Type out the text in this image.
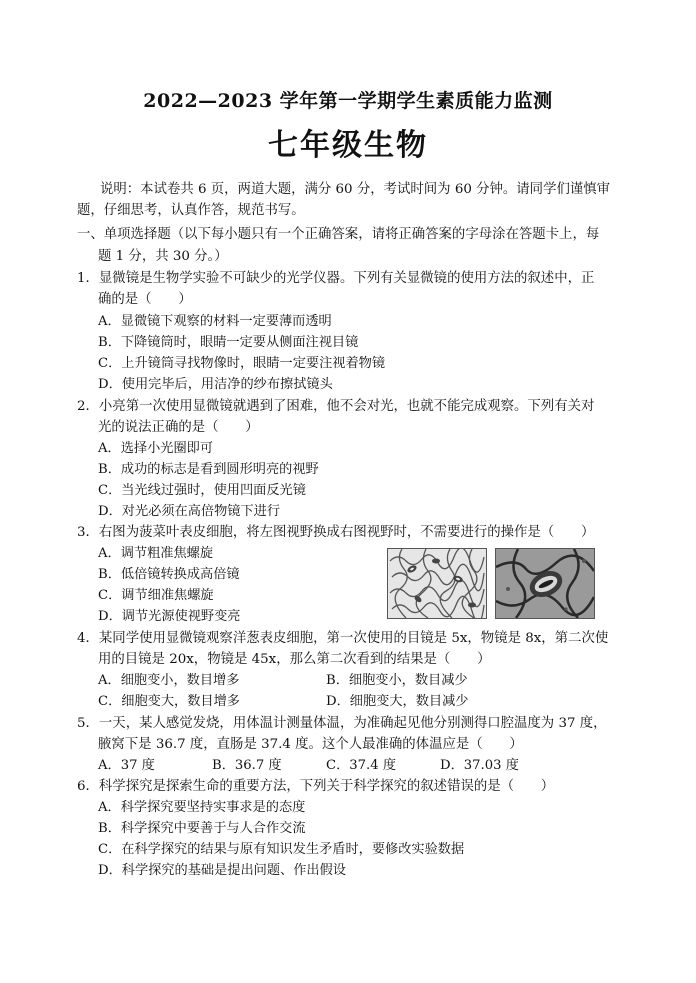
2022—2023 学年第一学期学生素质能力监测
七年级生物
说明：本试卷共 6 页，两道大题，满分 60 分，考试时间为 60 分钟。请同学们谨慎审
题，仔细思考，认真作答，规范书写。
一、单项选择题（以下每小题只有一个正确答案，请将正确答案的字母涂在答题卡上，每
题 1 分，共 30 分。）
1．显微镜是生物学实验不可缺少的光学仪器。下列有关显微镜的使用方法的叙述中，正
确的是（　　）
A．显微镜下观察的材料一定要薄而透明
B．下降镜筒时，眼睛一定要从侧面注视目镜
C．上升镜筒寻找物像时，眼睛一定要注视着物镜
D．使用完毕后，用洁净的纱布擦拭镜头
2．小亮第一次使用显微镜就遇到了困难，他不会对光，也就不能完成观察。下列有关对
光的说法正确的是（　　）
A．选择小光圈即可
B．成功的标志是看到圆形明亮的视野
C．当光线过强时，使用凹面反光镜
D．对光必须在高倍物镜下进行
3．右图为菠菜叶表皮细胞，将左图视野换成右图视野时，不需要进行的操作是（　　）
A．调节粗准焦螺旋
B．低倍镜转换成高倍镜
C．调节细准焦螺旋
D．调节光源使视野变亮
4．某同学使用显微镜观察洋葱表皮细胞，第一次使用的目镜是 5x，物镜是 8x，第二次使
用的目镜是 20x，物镜是 45x，那么第二次看到的结果是（　　）
A．细胞变小，数目增多	B．细胞变小，数目减少
C．细胞变大，数目增多	D．细胞变大，数目减少
5．一天，某人感觉发烧，用体温计测量体温，为准确起见他分别测得口腔温度为 37 度，
腋窝下是 36.7 度，直肠是 37.4 度。这个人最准确的体温应是（　　）
A．37 度	B．36.7 度	C．37.4 度	D．37.03 度
6．科学探究是探索生命的重要方法，下列关于科学探究的叙述错误的是（　　）
A．科学探究要坚持实事求是的态度
B．科学探究中要善于与人合作交流
C．在科学探究的结果与原有知识发生矛盾时，要修改实验数据
D．科学探究的基础是提出问题、作出假设
